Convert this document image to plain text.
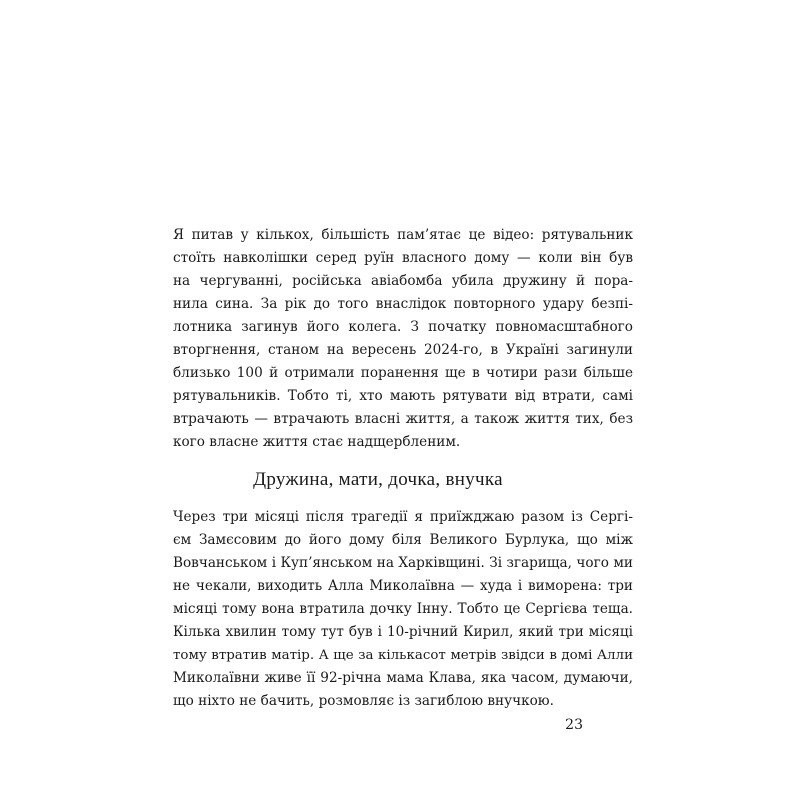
Я питав у кількох, більшість пам’ятає це відео: рятувальник
стоїть навколішки серед руїн власного дому — коли він був
на чергуванні, російська авіабомба убила дружину й пора-
нила сина. За рік до того внаслідок повторного удару безпі-
лотника загинув його колега. З початку повномасштабного
вторгнення, станом на вересень 2024-го, в Україні загинули
близько 100 й отримали поранення ще в чотири рази більше
рятувальників. Тобто ті, хто мають рятувати від втрати, самі
втрачають — втрачають власні життя, а також життя тих, без
кого власне життя стає надщербленим.

Дружина, мати, дочка, внучка

Через три місяці після трагедії я приїжджаю разом із Сергі-
єм Замєсовим до його дому біля Великого Бурлука, що між
Вовчанськом і Куп’янськом на Харківщині. Зі згарища, чого ми
не чекали, виходить Алла Миколаївна — худа і виморена: три
місяці тому вона втратила дочку Інну. Тобто це Сергієва теща.
Кілька хвилин тому тут був і 10-річний Кирил, який три місяці
тому втратив матір. А ще за кількасот метрів звідси в домі Алли
Миколаївни живе її 92-річна мама Клава, яка часом, думаючи,
що ніхто не бачить, розмовляє із загиблою внучкою.

23
